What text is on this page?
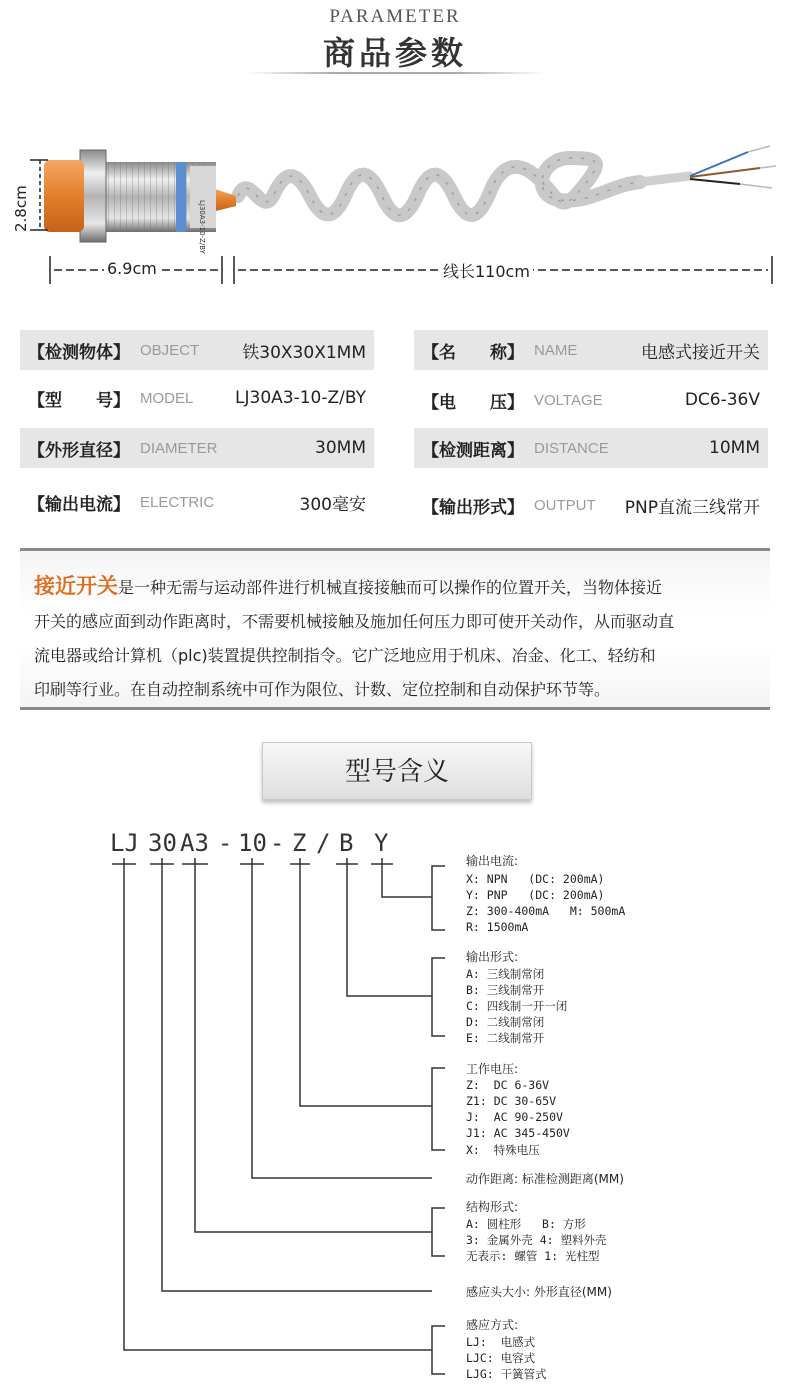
PARAMETER
商品参数
LJ30A3-10-Z/BY
2.8cm
6.9cm	线长110cm
【检测物体】 OBJECT	铁30X30X1MM	【名　　称】 NAME	电感式接近开关
【型　　号】 MODEL LJ30A3-10-Z/BY	【电　　压】 VOLTAGE	DC6-36V
【外形直径】 DIAMETER	30MM	【检测距离】 DISTANCE	10MM
【输出电流】 ELECTRIC	300毫安	【输出形式】 OUTPUT PNP直流三线常开
接近开关是一种无需与运动部件进行机械直接接触而可以操作的位置开关，当物体接近
开关的感应面到动作距离时，不需要机械接触及施加任何压力即可使开关动作，从而驱动直
流电器或给计算机（plc)装置提供控制指令。它广泛地应用于机床、冶金、化工、轻纺和
印刷等行业。在自动控制系统中可作为限位、计数、定位控制和自动保护环节等。
型号含义
LJ 30 A3 - 10 - Z / B Y
输出电流:
X: NPN   (DC: 200mA)
Y: PNP   (DC: 200mA)
Z: 300-400mA   M: 500mA
R: 1500mA
输出形式:
A: 三线制常闭
B: 三线制常开
C: 四线制一开一闭
D: 二线制常闭
E: 二线制常开
工作电压:
Z:  DC 6-36V
Z1: DC 30-65V
J:  AC 90-250V
J1: AC 345-450V
X:  特殊电压
动作距离: 标准检测距离(MM)
结构形式:
A: 圆柱形   B: 方形
3: 金属外壳 4: 塑料外壳
无表示: 螺管 1: 光柱型
感应头大小: 外形直径(MM)
感应方式:
LJ:  电感式
LJC: 电容式
LJG: 干簧管式
